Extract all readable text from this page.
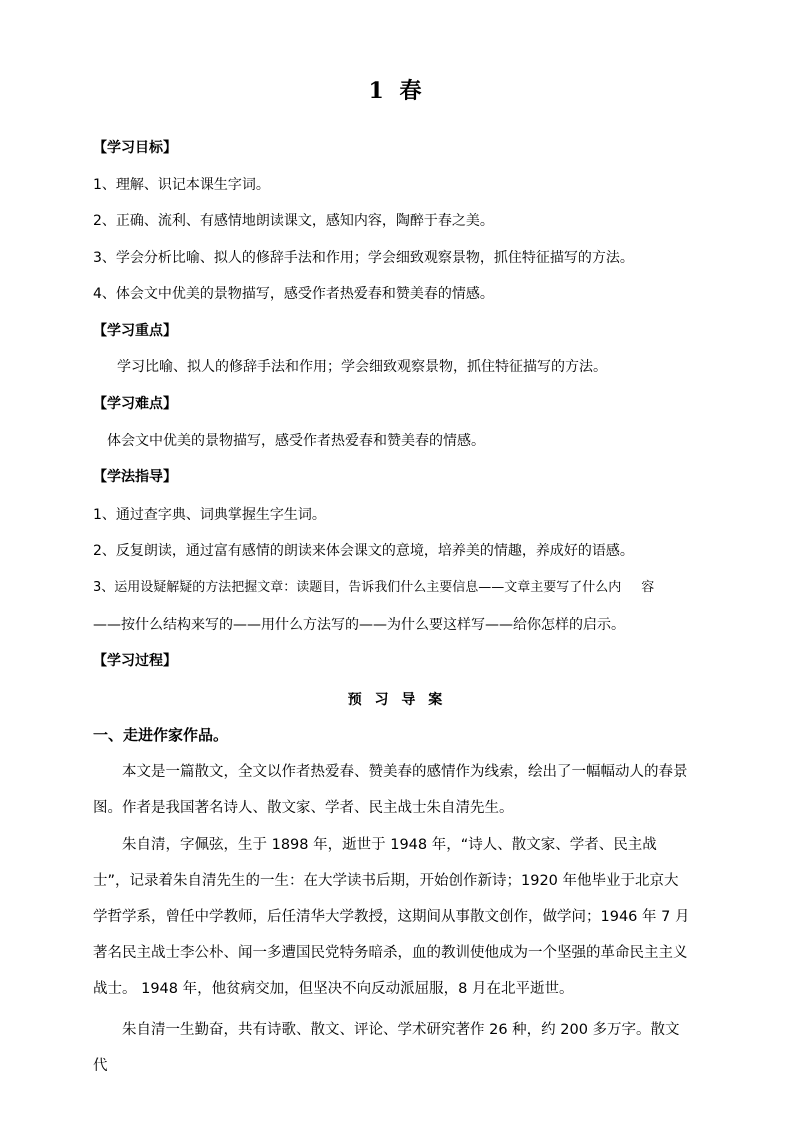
1 春
【学习目标】
1、理解、识记本课生字词。
2、正确、流利、有感情地朗读课文，感知内容，陶醉于春之美。
3、学会分析比喻、拟人的修辞手法和作用；学会细致观察景物，抓住特征描写的方法。
4、体会文中优美的景物描写，感受作者热爱春和赞美春的情感。
【学习重点】
学习比喻、拟人的修辞手法和作用；学会细致观察景物，抓住特征描写的方法。
【学习难点】
体会文中优美的景物描写，感受作者热爱春和赞美春的情感。
【学法指导】
1、通过查字典、词典掌握生字生词。
2、反复朗读，通过富有感情的朗读来体会课文的意境，培养美的情趣，养成好的语感。
3、运用设疑解疑的方法把握文章：读题目，告诉我们什么主要信息——文章主要写了什么内 容
——按什么结构来写的——用什么方法写的——为什么要这样写——给你怎样的启示。
【学习过程】
预 习 导 案
一、走进作家作品。
本文是一篇散文，全文以作者热爱春、赞美春的感情作为线索，绘出了一幅幅动人的春景图。作者是我国著名诗人、散文家、学者、民主战士朱自清先生。
朱自清，字佩弦，生于 1898 年，逝世于 1948 年，“诗人、散文家、学者、民主战士”，记录着朱自清先生的一生：在大学读书后期，开始创作新诗；1920 年他毕业于北京大学哲学系，曾任中学教师，后任清华大学教授，这期间从事散文创作，做学问；1946 年 7 月著名民主战士李公朴、闻一多遭国民党特务暗杀，血的教训使他成为一个坚强的革命民主主义战士。 1948 年，他贫病交加，但坚决不向反动派屈服，8 月在北平逝世。
朱自清一生勤奋，共有诗歌、散文、评论、学术研究著作 26 种，约 200 多万字。散文代
